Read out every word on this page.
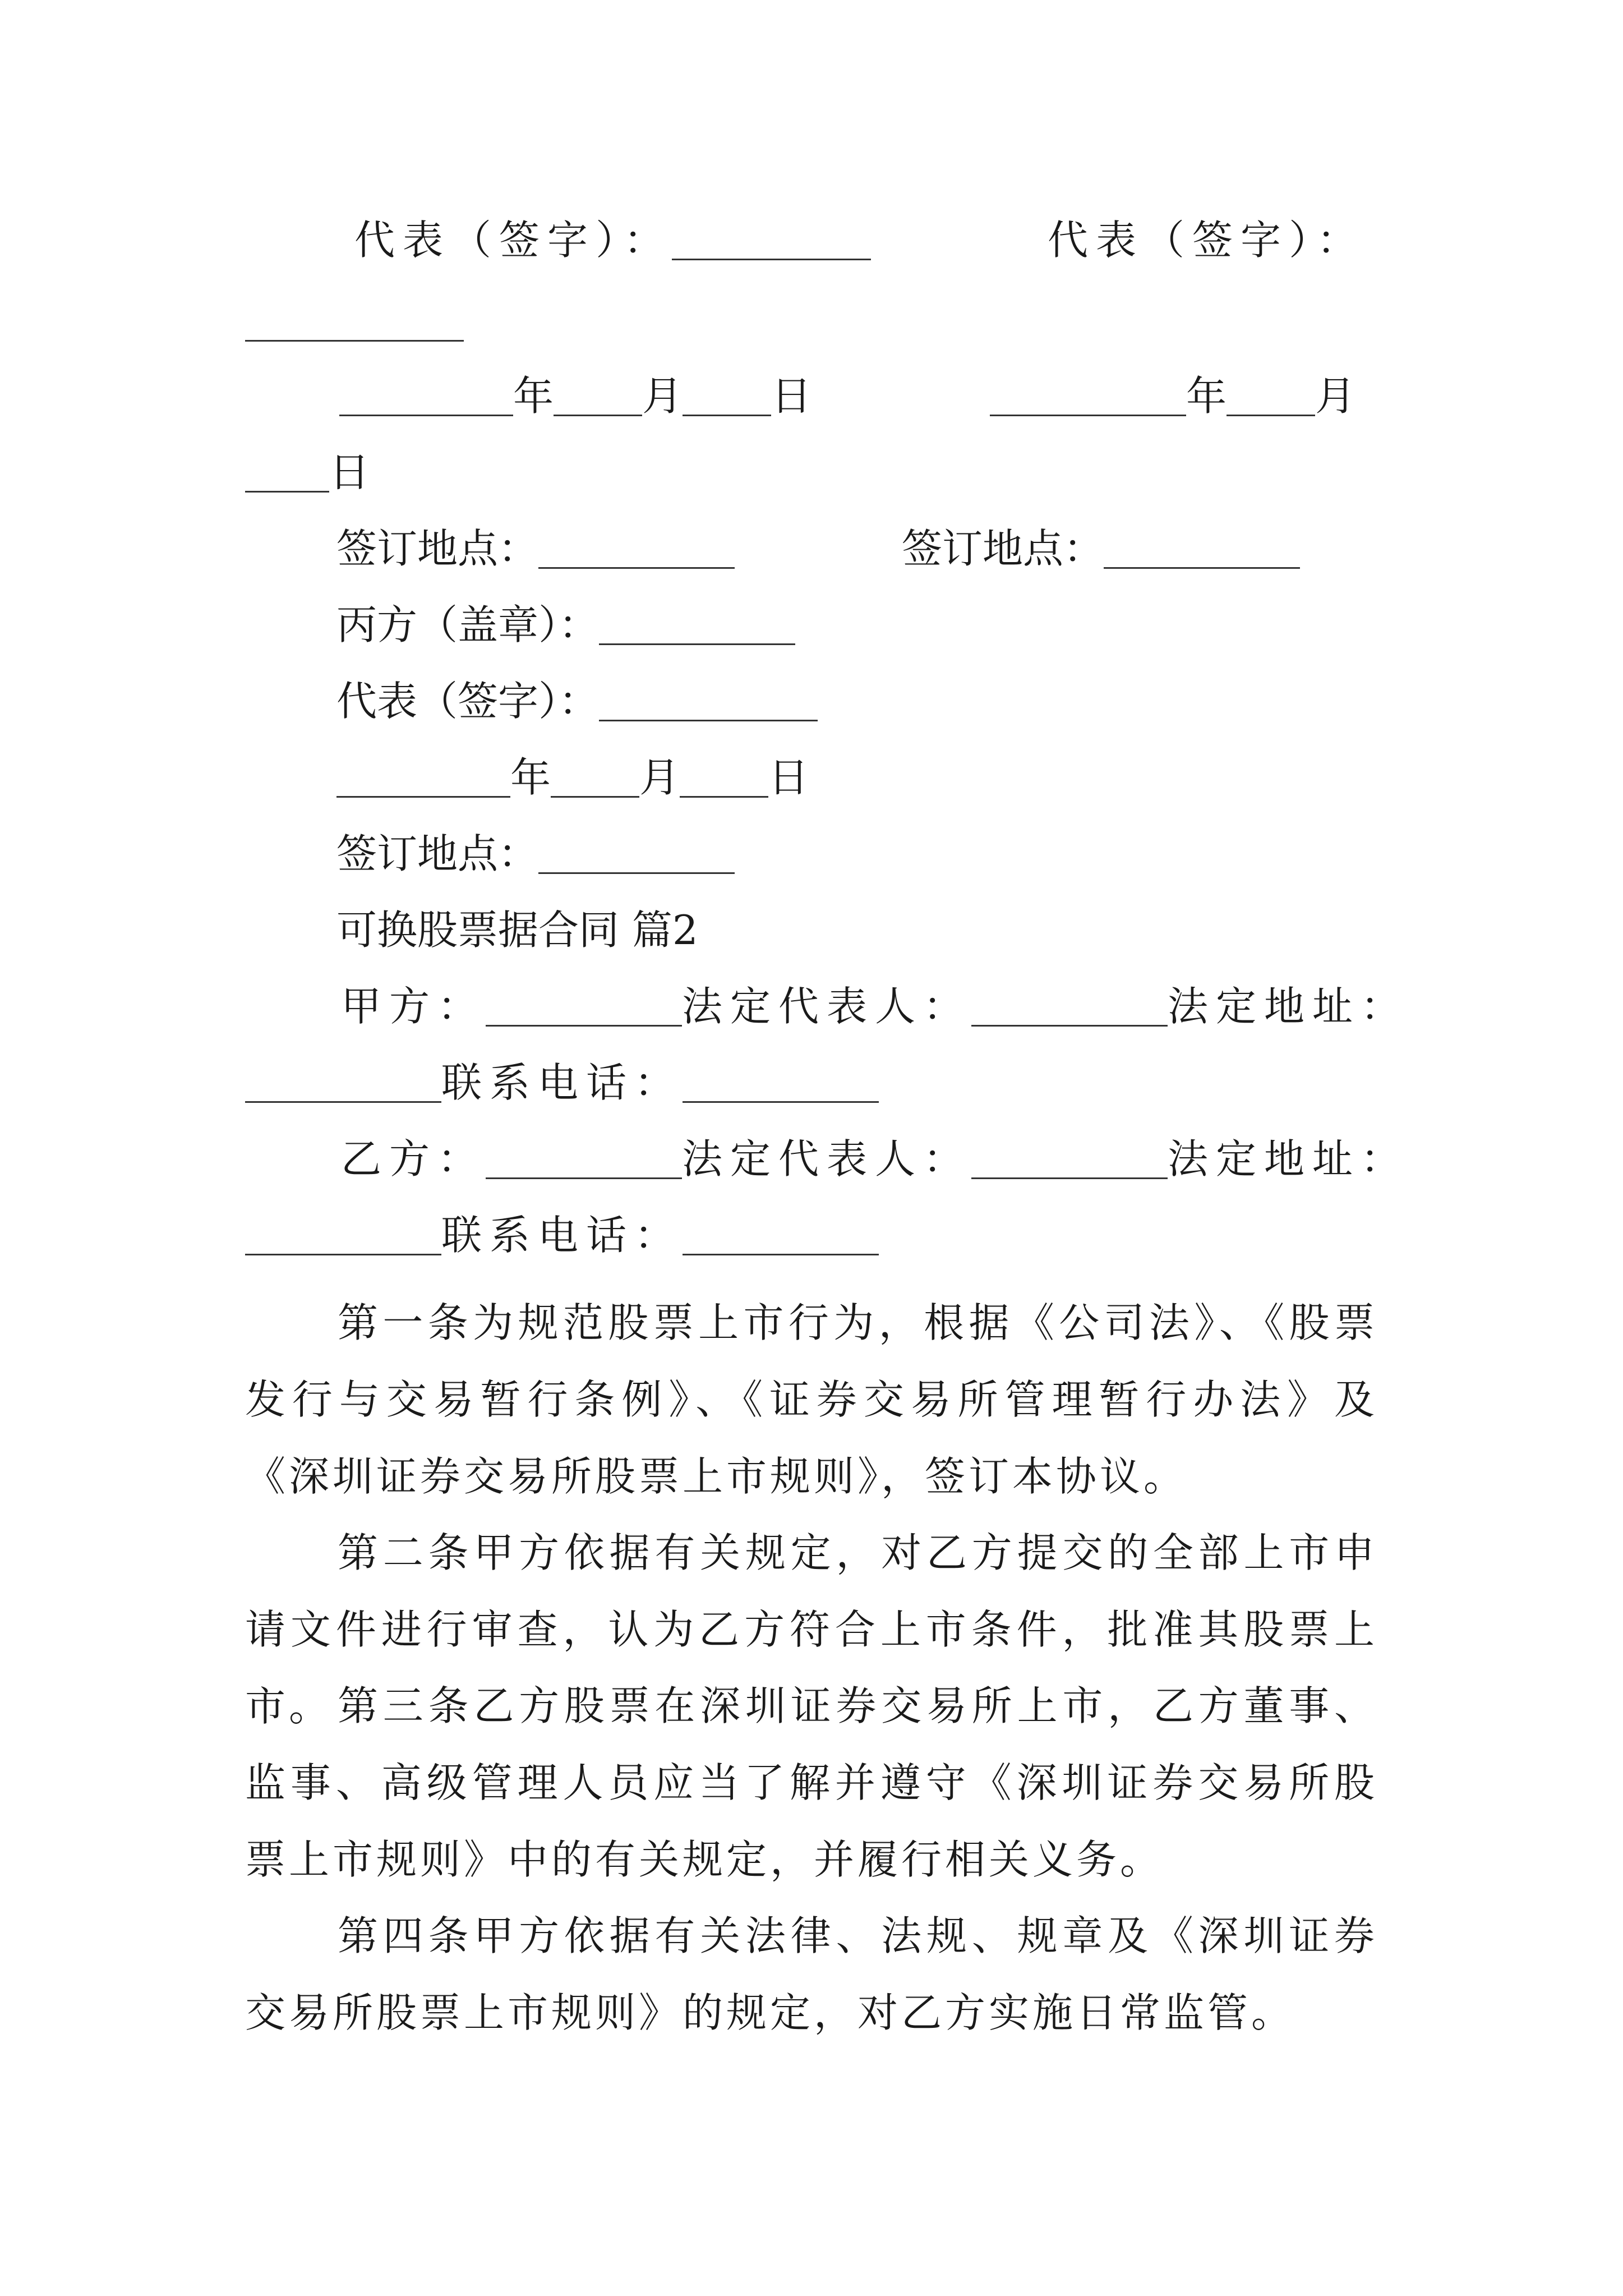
代表（签字）：	代表（签字）：
年 月 日	年 月
日
签订地点：	签订地点：
丙方（盖章）：
代表（签字）：
年 月 日
签订地点：
可换股票据合同 篇2
甲方：	法定代表人：	法定地址：
联系电话：
乙方：	法定代表人：	法定地址：
联系电话：
第一条为规范股票上市行为，根据《公司法》、《股票发行与交易暂行条例》、《证券交易所管理暂行办法》及《深圳证券交易所股票上市规则》，签订本协议。
第二条甲方依据有关规定，对乙方提交的全部上市申请文件进行审查，认为乙方符合上市条件，批准其股票上市。 第三条乙方股票在深圳证券交易所上市，乙方董事、监事、高级管理人员应当了解并遵守《深圳证券交易所股票上市规则》中的有关规定，并履行相关义务。
第四条甲方依据有关法律、法规、规章及《深圳证券交易所股票上市规则》的规定，对乙方实施日常监管。
